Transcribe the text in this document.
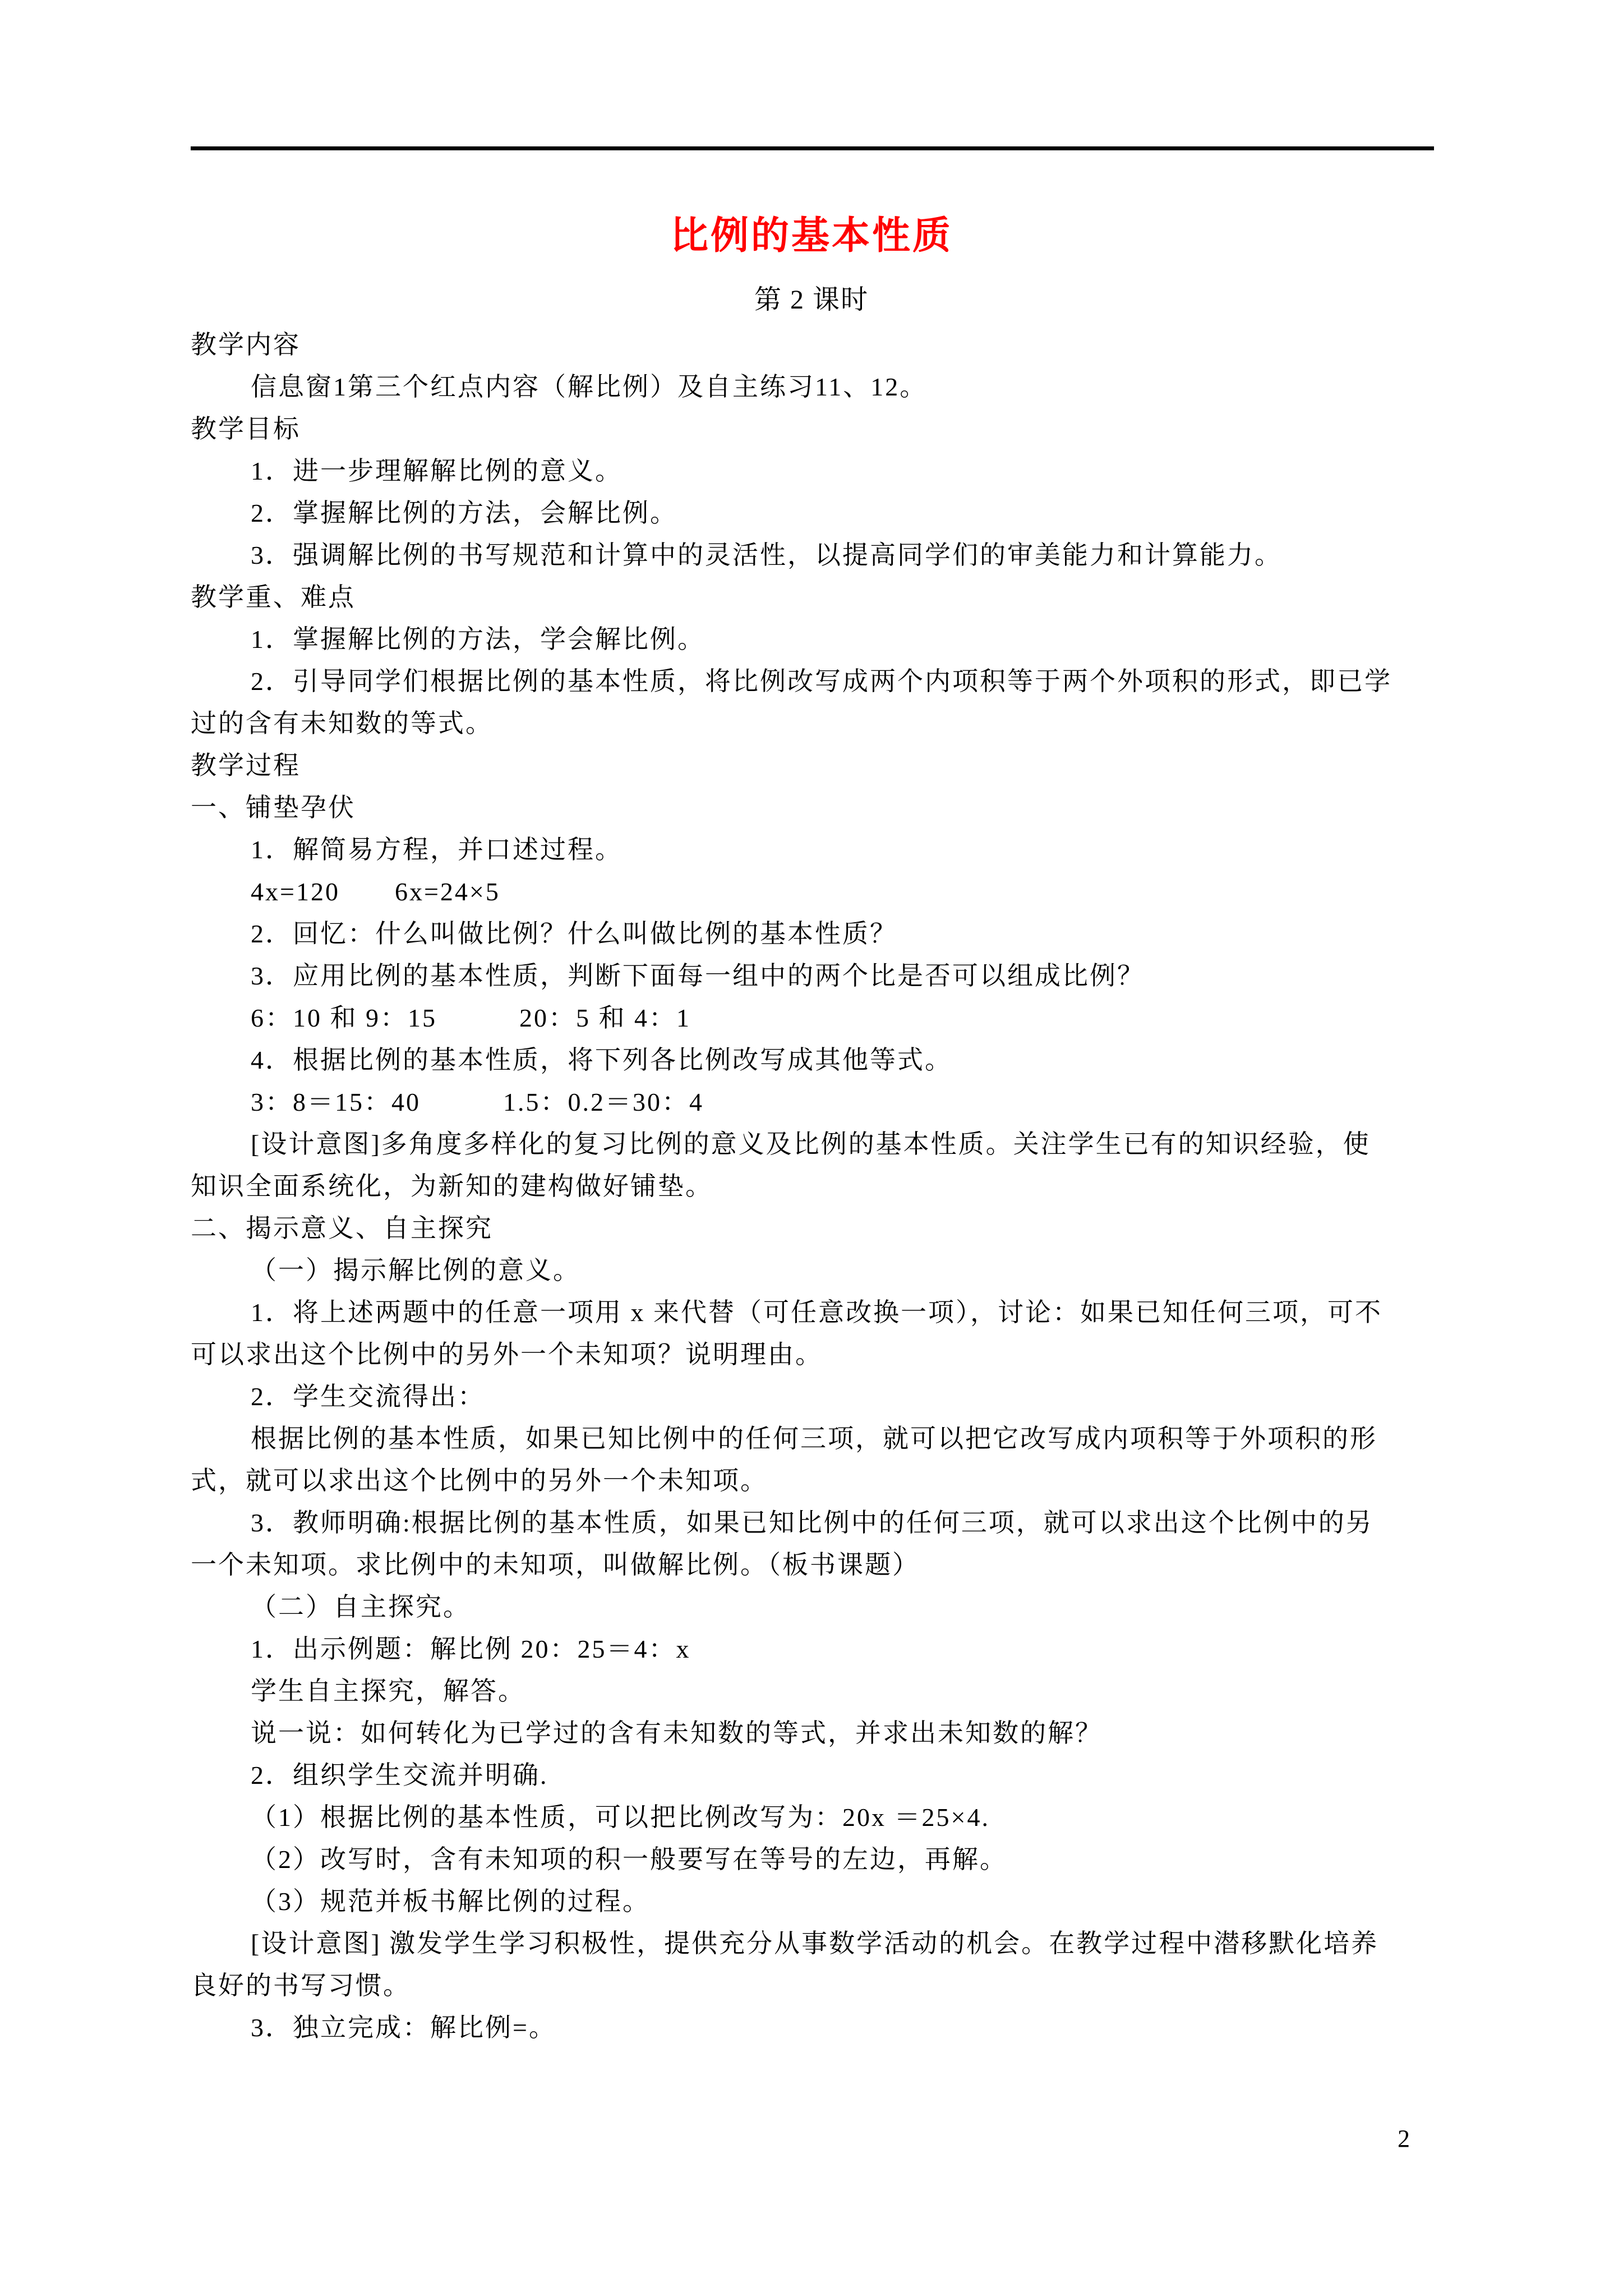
比例的基本性质
第 2 课时
教学内容
信息窗1第三个红点内容（解比例）及自主练习11、12。
教学目标
1．进一步理解解比例的意义。
2．掌握解比例的方法，会解比例。
3．强调解比例的书写规范和计算中的灵活性，以提高同学们的审美能力和计算能力。
教学重、难点
1．掌握解比例的方法，学会解比例。
2．引导同学们根据比例的基本性质，将比例改写成两个内项积等于两个外项积的形式，即已学
过的含有未知数的等式。
教学过程
一、铺垫孕伏
1．解简易方程，并口述过程。
4x=120　　6x=24×5
2．回忆：什么叫做比例？什么叫做比例的基本性质？
3．应用比例的基本性质，判断下面每一组中的两个比是否可以组成比例？
6：10 和 9：15　　　20：5 和 4：1
4．根据比例的基本性质，将下列各比例改写成其他等式。
3：8＝15：40　　　1.5：0.2＝30：4
[设计意图]多角度多样化的复习比例的意义及比例的基本性质。关注学生已有的知识经验，使
知识全面系统化，为新知的建构做好铺垫。
二、揭示意义、自主探究
（一）揭示解比例的意义。
1．将上述两题中的任意一项用 x 来代替（可任意改换一项），讨论：如果已知任何三项，可不
可以求出这个比例中的另外一个未知项？说明理由。
2．学生交流得出：
根据比例的基本性质，如果已知比例中的任何三项，就可以把它改写成内项积等于外项积的形
式，就可以求出这个比例中的另外一个未知项。
3．教师明确:根据比例的基本性质，如果已知比例中的任何三项，就可以求出这个比例中的另
一个未知项。求比例中的未知项，叫做解比例。（板书课题）
（二）自主探究。
1．出示例题：解比例 20：25＝4：x
学生自主探究，解答。
说一说：如何转化为已学过的含有未知数的等式，并求出未知数的解？
2．组织学生交流并明确.
（1）根据比例的基本性质，可以把比例改写为：20x ＝25×4.
（2）改写时，含有未知项的积一般要写在等号的左边，再解。
（3）规范并板书解比例的过程。
[设计意图] 激发学生学习积极性，提供充分从事数学活动的机会。在教学过程中潜移默化培养
良好的书写习惯。
3．独立完成：解比例=。
2
